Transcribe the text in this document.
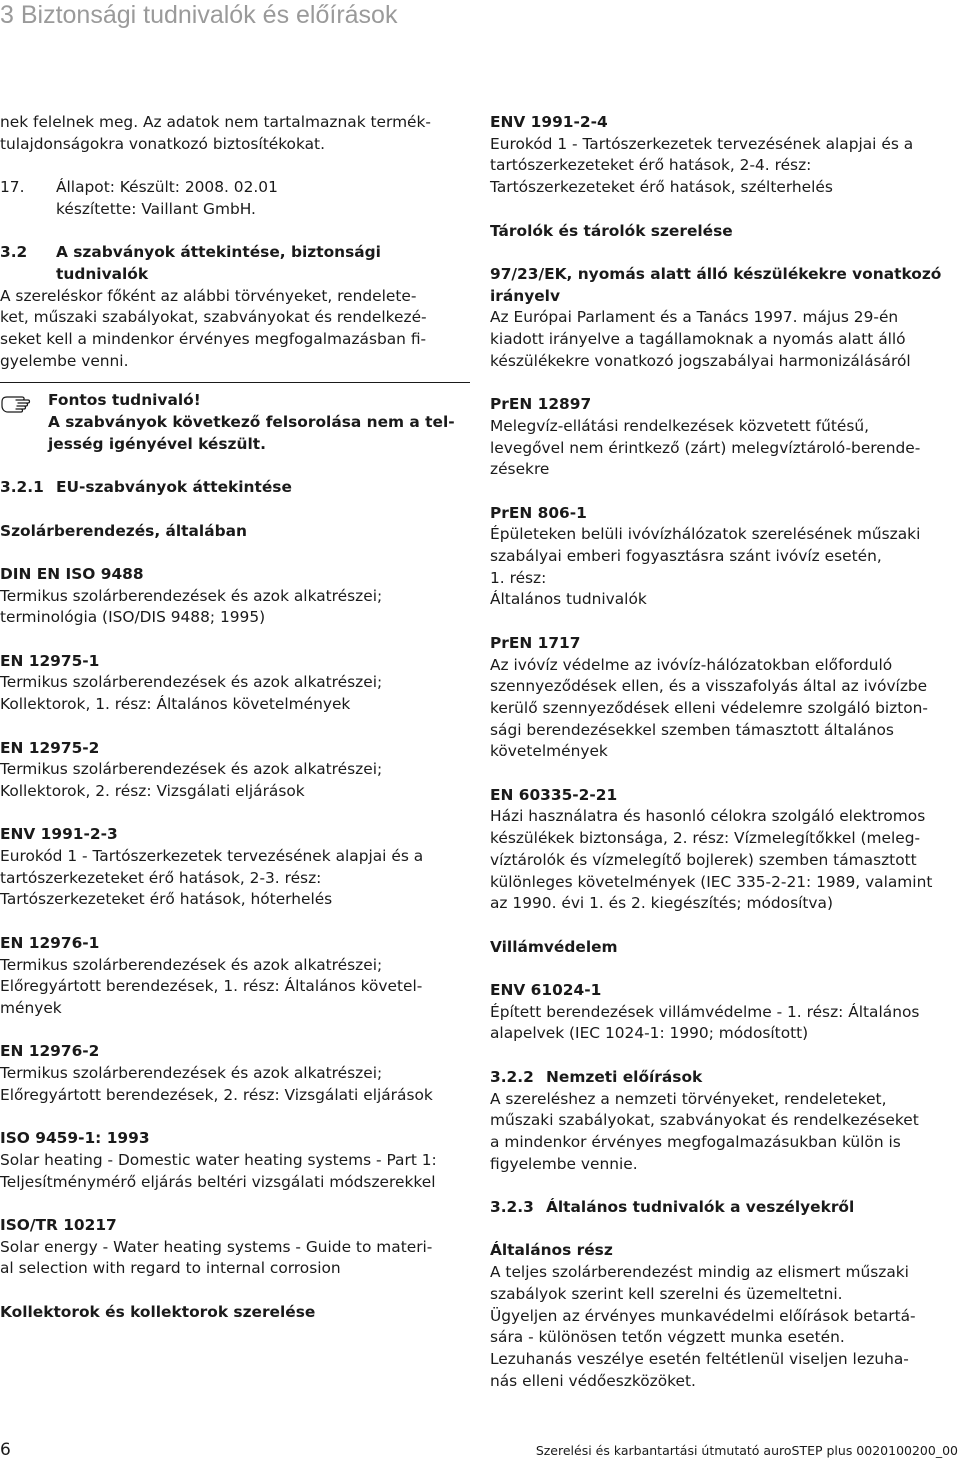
3 Biztonsági tudnivalók és előírások

nek felelnek meg. Az adatok nem tartalmaznak termék-

tulajdonságokra vonatkozó biztosítékokat.

17. Állapot: Készült: 2008. 02.01

készítette: Vaillant GmbH.

3.2 A szabványok áttekintése, biztonsági

tudnivalók

A szereléskor főként az alábbi törvényeket, rendelete-

ket, műszaki szabályokat, szabványokat és rendelkezé-

seket kell a mindenkor érvényes megfogalmazásban fi-

gyelembe venni.

Fontos tudnivaló!

A szabványok következő felsorolása nem a tel-

jesség igényével készült.

3.2.1 EU-szabványok áttekintése

Szolárberendezés, általában

DIN EN ISO 9488

Termikus szolárberendezések és azok alkatrészei;

terminológia (ISO/DIS 9488; 1995)

EN 12975-1

Termikus szolárberendezések és azok alkatrészei;

Kollektorok, 1. rész: Általános követelmények

EN 12975-2

Termikus szolárberendezések és azok alkatrészei;

Kollektorok, 2. rész: Vizsgálati eljárások

ENV 1991-2-3

Eurokód 1 - Tartószerkezetek tervezésének alapjai és a

tartószerkezeteket érő hatások, 2-3. rész:

Tartószerkezeteket érő hatások, hóterhelés

EN 12976-1

Termikus szolárberendezések és azok alkatrészei;

Előregyártott berendezések, 1. rész: Általános követel-

mények

EN 12976-2

Termikus szolárberendezések és azok alkatrészei;

Előregyártott berendezések, 2. rész: Vizsgálati eljárások

ISO 9459-1: 1993

Solar heating - Domestic water heating systems - Part 1:

Teljesítménymérő eljárás beltéri vizsgálati módszerekkel

ISO/TR 10217

Solar energy - Water heating systems - Guide to materi-

al selection with regard to internal corrosion

Kollektorok és kollektorok szerelése

ENV 1991-2-4

Eurokód 1 - Tartószerkezetek tervezésének alapjai és a

tartószerkezeteket érő hatások, 2-4. rész:

Tartószerkezeteket érő hatások, szélterhelés

Tárolók és tárolók szerelése

97/23/EK, nyomás alatt álló készülékekre vonatkozó

irányelv

Az Európai Parlament és a Tanács 1997. május 29-én

kiadott irányelve a tagállamoknak a nyomás alatt álló

készülékekre vonatkozó jogszabályai harmonizálásáról

PrEN 12897

Melegvíz-ellátási rendelkezések közvetett fűtésű,

levegővel nem érintkező (zárt) melegvíztároló-berende-

zésekre

PrEN 806-1

Épületeken belüli ivóvízhálózatok szerelésének műszaki

szabályai emberi fogyasztásra szánt ivóvíz esetén,

1. rész:

Általános tudnivalók

PrEN 1717

Az ivóvíz védelme az ivóvíz-hálózatokban előforduló

szennyeződések ellen, és a visszafolyás által az ivóvízbe

kerülő szennyeződések elleni védelemre szolgáló bizton-

sági berendezésekkel szemben támasztott általános

követelmények

EN 60335-2-21

Házi használatra és hasonló célokra szolgáló elektromos

készülékek biztonsága, 2. rész: Vízmelegítőkkel (meleg-

víztárolók és vízmelegítő bojlerek) szemben támasztott

különleges követelmények (IEC 335-2-21: 1989, valamint

az 1990. évi 1. és 2. kiegészítés; módosítva)

Villámvédelem

ENV 61024-1

Épített berendezések villámvédelme - 1. rész: Általános

alapelvek (IEC 1024-1: 1990; módosított)

3.2.2 Nemzeti előírások

A szereléshez a nemzeti törvényeket, rendeleteket,

műszaki szabályokat, szabványokat és rendelkezéseket

a mindenkor érvényes megfogalmazásukban külön is

figyelembe vennie.

3.2.3 Általános tudnivalók a veszélyekről

Általános rész

A teljes szolárberendezést mindig az elismert műszaki

szabályok szerint kell szerelni és üzemeltetni.

Ügyeljen az érvényes munkavédelmi előírások betartá-

sára - különösen tetőn végzett munka esetén.

Lezuhanás veszélye esetén feltétlenül viseljen lezuha-

nás elleni védőeszközöket.

6	Szerelési és karbantartási útmutató auroSTEP plus 0020100200_00
